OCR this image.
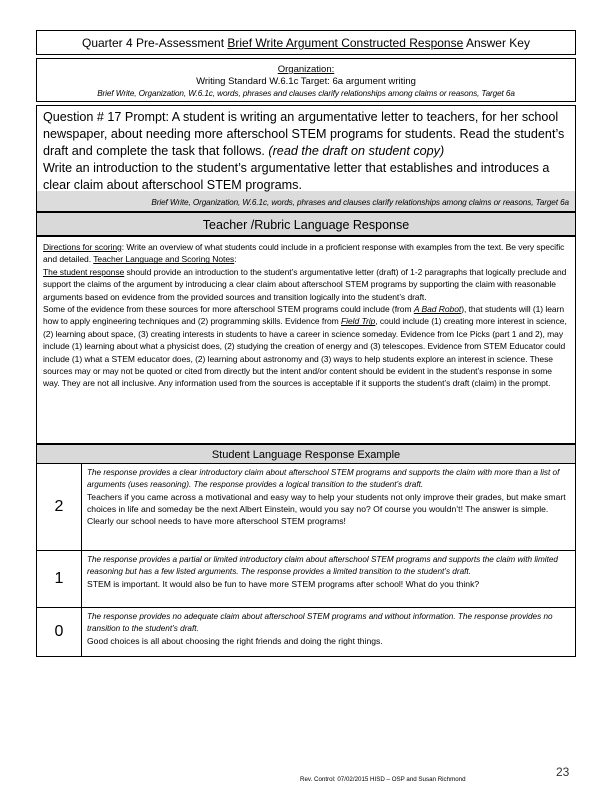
Quarter 4 Pre-Assessment Brief Write Argument Constructed Response Answer Key
Organization:
Writing Standard W.6.1c Target: 6a argument writing
Brief Write, Organization, W.6.1c, words, phrases and clauses clarify relationships among claims or reasons, Target 6a
Question # 17 Prompt: A student is writing an argumentative letter to teachers, for her school newspaper, about needing more afterschool STEM programs for students. Read the student’s draft and complete the task that follows. (read the draft on student copy)
Write an introduction to the student’s argumentative letter that establishes and introduces a clear claim about afterschool STEM programs.
Brief Write, Organization, W.6.1c, words, phrases and clauses clarify relationships among claims or reasons, Target 6a
Teacher /Rubric Language Response
Directions for scoring: Write an overview of what students could include in a proficient response with examples from the text. Be very specific and detailed. Teacher Language and Scoring Notes:
The student response should provide an introduction to the student’s argumentative letter (draft) of 1-2 paragraphs that logically preclude and support the claims of the argument by introducing a clear claim about afterschool STEM programs by supporting the claim with reasonable arguments based on evidence from the provided sources and transition logically into the student’s draft.
Some of the evidence from these sources for more afterschool STEM programs could include (from A Bad Robot), that students will (1) learn how to apply engineering techniques and (2) programming skills. Evidence from Field Trip, could include (1) creating more interest in science, (2) learning about space, (3) creating interests in students to have a career in science someday. Evidence from Ice Picks (part 1 and 2), may include (1) learning about what a physicist does, (2) studying the creation of energy and (3) telescopes. Evidence from STEM Educator could include (1) what a STEM educator does, (2) learning about astronomy and (3) ways to help students explore an interest in science. These sources may or may not be quoted or cited from directly but the intent and/or content should be evident in the student’s response in some way. They are not all inclusive. Any information used from the sources is acceptable if it supports the student’s draft (claim) in the prompt.
Student Language Response Example
2
The response provides a clear introductory claim about afterschool STEM programs and supports the claim with more than a list of arguments (uses reasoning). The response provides a logical transition to the student’s draft.
Teachers if you came across a motivational and easy way to help your students not only improve their grades, but make smart choices in life and someday be the next Albert Einstein, would you say no? Of course you wouldn’t! The answer is simple. Clearly our school needs to have more afterschool STEM programs!
1
The response provides a partial or limited introductory claim about afterschool STEM programs and supports the claim with limited reasoning but has a few listed arguments. The response provides a limited transition to the student’s draft.
STEM is important. It would also be fun to have more STEM programs after school! What do you think?
0
The response provides no adequate claim about afterschool STEM programs and without information. The response provides no transition to the student’s draft.
Good choices is all about choosing the right friends and doing the right things.
Rev. Control: 07/02/2015 HISD – OSP and Susan Richmond
23
